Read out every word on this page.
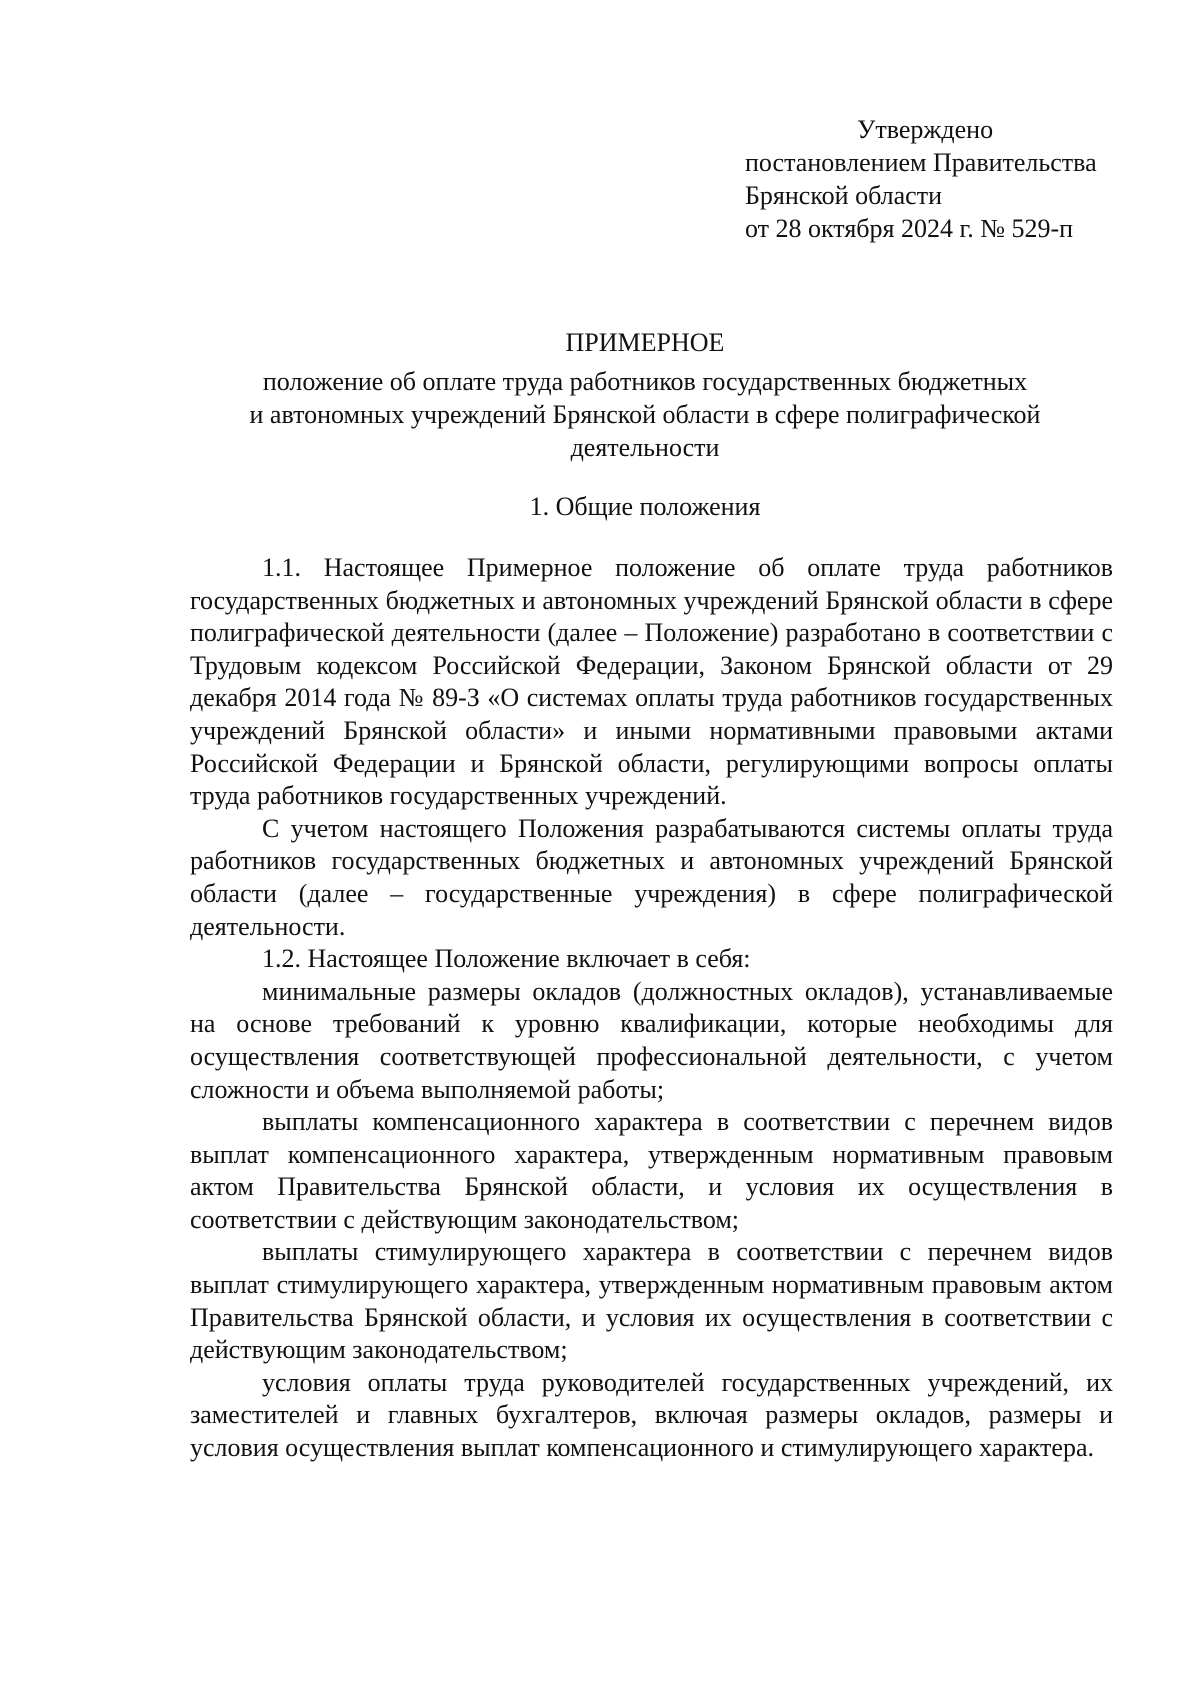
Утверждено
постановлением Правительства
Брянской области
от 28 октября 2024 г. № 529-п
ПРИМЕРНОЕ
положение об оплате труда работников государственных бюджетных
и автономных учреждений Брянской области в сфере полиграфической
деятельности
1. Общие положения

1.1. Настоящее Примерное положение об оплате труда работников государственных бюджетных и автономных учреждений Брянской области в сфере полиграфической деятельности (далее – Положение) разработано в соответствии с Трудовым кодексом Российской Федерации, Законом Брянской области от 29 декабря 2014 года № 89-З «О системах оплаты труда работников государственных учреждений Брянской области» и иными нормативными правовыми актами Российской Федерации и Брянской области, регулирующими вопросы оплаты труда работников государственных учреждений.

С учетом настоящего Положения разрабатываются системы оплаты труда работников государственных бюджетных и автономных учреждений Брянской области (далее – государственные учреждения) в сфере полиграфической деятельности.

1.2. Настоящее Положение включает в себя:

минимальные размеры окладов (должностных окладов), устанавливаемые на основе требований к уровню квалификации, которые необходимы для осуществления соответствующей профессиональной деятельности, с учетом сложности и объема выполняемой работы;

выплаты компенсационного характера в соответствии с перечнем видов выплат компенсационного характера, утвержденным нормативным правовым актом Правительства Брянской области, и условия их осуществления в соответствии с действующим законодательством;

выплаты стимулирующего характера в соответствии с перечнем видов выплат стимулирующего характера, утвержденным нормативным правовым актом Правительства Брянской области, и условия их осуществления в соответствии с действующим законодательством;

условия оплаты труда руководителей государственных учреждений, их заместителей и главных бухгалтеров, включая размеры окладов, размеры и условия осуществления выплат компенсационного и стимулирующего характера.
